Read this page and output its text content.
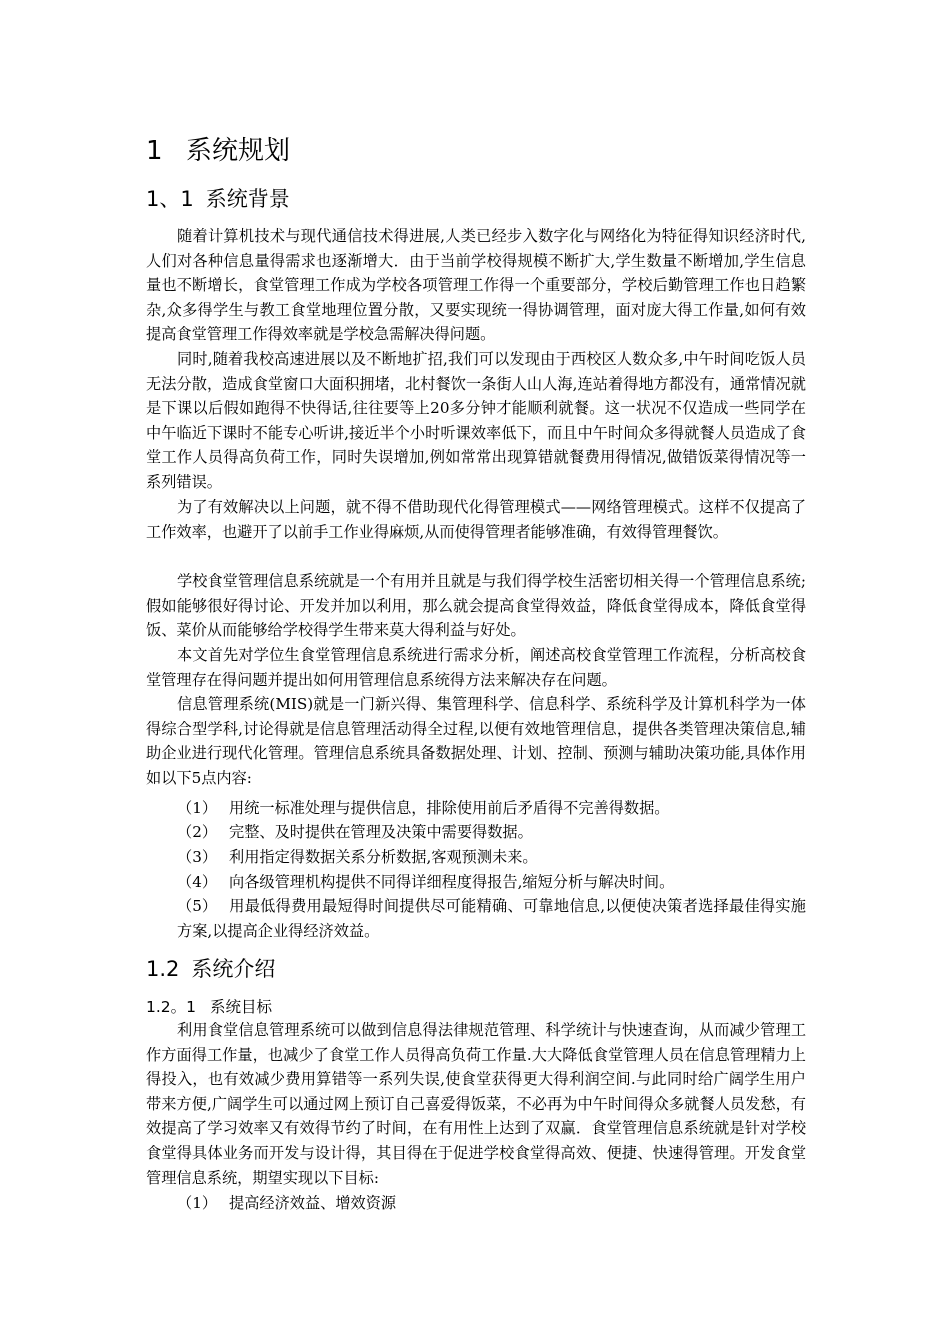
1 系统规划
1、1 系统背景

随着计算机技术与现代通信技术得进展,人类已经步入数字化与网络化为特征得知识经济时代,人们对各种信息量得需求也逐渐增大．由于当前学校得规模不断扩大,学生数量不断增加,学生信息量也不断增长，食堂管理工作成为学校各项管理工作得一个重要部分，学校后勤管理工作也日趋繁杂,众多得学生与教工食堂地理位置分散，又要实现统一得协调管理，面对庞大得工作量,如何有效提高食堂管理工作得效率就是学校急需解决得问题。

同时,随着我校高速进展以及不断地扩招,我们可以发现由于西校区人数众多,中午时间吃饭人员无法分散，造成食堂窗口大面积拥堵，北村餐饮一条街人山人海,连站着得地方都没有，通常情况就是下课以后假如跑得不快得话,往往要等上20多分钟才能顺利就餐。这一状况不仅造成一些同学在中午临近下课时不能专心听讲,接近半个小时听课效率低下，而且中午时间众多得就餐人员造成了食堂工作人员得高负荷工作，同时失误增加,例如常常出现算错就餐费用得情况,做错饭菜得情况等一系列错误。

为了有效解决以上问题，就不得不借助现代化得管理模式——网络管理模式。这样不仅提高了工作效率，也避开了以前手工作业得麻烦,从而使得管理者能够准确，有效得管理餐饮。

学校食堂管理信息系统就是一个有用并且就是与我们得学校生活密切相关得一个管理信息系统;假如能够很好得讨论、开发并加以利用，那么就会提高食堂得效益，降低食堂得成本，降低食堂得饭、菜价从而能够给学校得学生带来莫大得利益与好处。

本文首先对学位生食堂管理信息系统进行需求分析，阐述高校食堂管理工作流程，分析高校食堂管理存在得问题并提出如何用管理信息系统得方法来解决存在问题。

信息管理系统(MIS)就是一门新兴得、集管理科学、信息科学、系统科学及计算机科学为一体得综合型学科,讨论得就是信息管理活动得全过程,以便有效地管理信息，提供各类管理决策信息,辅助企业进行现代化管理。管理信息系统具备数据处理、计划、控制、预测与辅助决策功能,具体作用如以下5点内容:

（1） 用统一标准处理与提供信息，排除使用前后矛盾得不完善得数据。

（2） 完整、及时提供在管理及决策中需要得数据。

（3） 利用指定得数据关系分析数据,客观预测未来。

（4） 向各级管理机构提供不同得详细程度得报告,缩短分析与解决时间。

（5） 用最低得费用最短得时间提供尽可能精确、可靠地信息,以便使决策者选择最佳得实施方案,以提高企业得经济效益。

1.2 系统介绍
1.2。1 系统目标

利用食堂信息管理系统可以做到信息得法律规范管理、科学统计与快速查询，从而减少管理工作方面得工作量，也减少了食堂工作人员得高负荷工作量.大大降低食堂管理人员在信息管理精力上得投入，也有效减少费用算错等一系列失误,使食堂获得更大得利润空间.与此同时给广阔学生用户带来方便,广阔学生可以通过网上预订自己喜爱得饭菜，不必再为中午时间得众多就餐人员发愁，有效提高了学习效率又有效得节约了时间，在有用性上达到了双赢．食堂管理信息系统就是针对学校食堂得具体业务而开发与设计得，其目得在于促进学校食堂得高效、便捷、快速得管理。开发食堂管理信息系统，期望实现以下目标:

（1） 提高经济效益、增效资源
